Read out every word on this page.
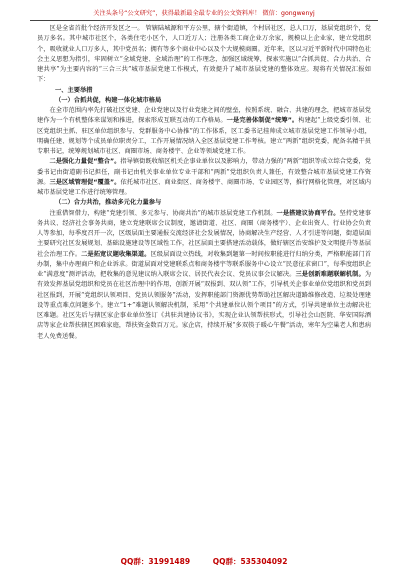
关注头条号“公文研究”，获得最新最全最专业的公文资料库！ 微信：gongwenyj

区是全省首批个经济开发区之一。 管辖陆城源和平方公里，辖个街道镇，个村居社区，总人口万，基层党组织个，党员万多名。其中城市社区个，各类住宅小区个，人口近万人；注册各类工商企业万余家，规模以上企业家，建立党组织个，吸收就业人口万多人，其中党员名；拥有等多个商业中心以及个大规模商圈。近年来，区以习近平新时代中国特色社会主义思想为指引，牢固树立“全域党建、全域治理”的工作理念，加强区域统筹，探索实施以“合抓共促、合力共治、合建共享”为主要内容的“三合三共”城市基层党建工作模式，有效提升了城市基层党建的整体效应。现将有关情况汇报如下：

一、主要举措

（一）合抓共促，构建一体化城市格局

在全市范围内率先打破社区党建、企业党建以及行业党建之间的壁垒，按照系统、融合、共建的理念，把城市基层党建作为一个有机整体来谋划和推进，探索形成互联互动的工作格局。一是完善体制促“统筹”。构建起“上级党委引领、社区党组织主抓、驻区单位组织参与、党群服务中心协推”的工作体系，区工委书记挂帅成立城市基层党建工作领导小组，明确任建、规划等个成员单位职责分工，工作开展情况纳入全区基层党建工作考核。建立“两新”组织党委，配备名精干员专职书记，统筹规划城市社区、商圈市场、商务楼宇、企业等领域党建工作。

二是强化力量促“整合”。指导镇街既收缩区机关企事业单位以及影响力，带动力强的“两新”组织等成立综合党委，党委书记由街道副书记担任，副书记由机关事业单位专业干部和“两新”党组织负责人兼任，有效整合城市基层党建工作资源。三是区域管理促“覆盖”。依托城市社区、商业街区、商务楼宇、商圈市场、专业园区等，推行网格化管理，对区域内城市基层党建工作进行统筹管理。

（二）合力共治，推动多元化力量参与

注重借智借力，构建“党建引领、多元参与、协商共治”的城市基层党建工作机制。一是搭建议协商平台。坚持党建事务共议、经济社会事务共商，建立党建联席会议制度，邀请街道、社区、商圈（商务楼宇）、企业出资人、行业协会负责人等参加，每季度召开一次，区级层面主要通报交流经济社会发展情况，协商解决生产经营、人才引进等问题，街道层面主要研究社区发展规划、基础设施建设等区域性工作，社区层面主要搭建活动载体，做好辖区治安维护及文明提升等基层社会治理工作。二是拓宽议题收集渠道。区级层面设立热线，对收集到题第一时间按职能进行归纳分类，严格职能部门首办制，集中办理商户和企业诉求。街道层面对党建联系点和商务楼宇等联系服务中心设立“民意征求窗口”，每季度组织企业“满意度”测评活动，把收集的意见建议纳入联席会议、居民代表会议、党员议事会议解决。三是创新难题联解机制。为有效发挥基层党组织和党员在社区治理中的作用，创新开展“双报到、双认领”工作，引导机关企事业单位党组织和党员到社区报到，开展“党组织认领项目、党员认领服务”活动，发挥职能部门资源优势帮助社区解决道路维修改造、垃圾处理建设等重点难点问题多个。建立“1+”难题认领解决机制，采用“个共建单位认领个项目”的方式，引导共建单位主动解决社区难题。社区先后与辖区家企事业单位签订《共驻共建协议书》，实现企业认领帮扶形式，引导社会山医院、华安国际酒店等家企业帮扶辖区困难家庭，帮扶资金数百万元。家企店，持续开展“多双筷子暖心午餐”活动，寒年为空巢老人和患病老人免费送餐。

QQ群：31991489	QQ群：535304092
